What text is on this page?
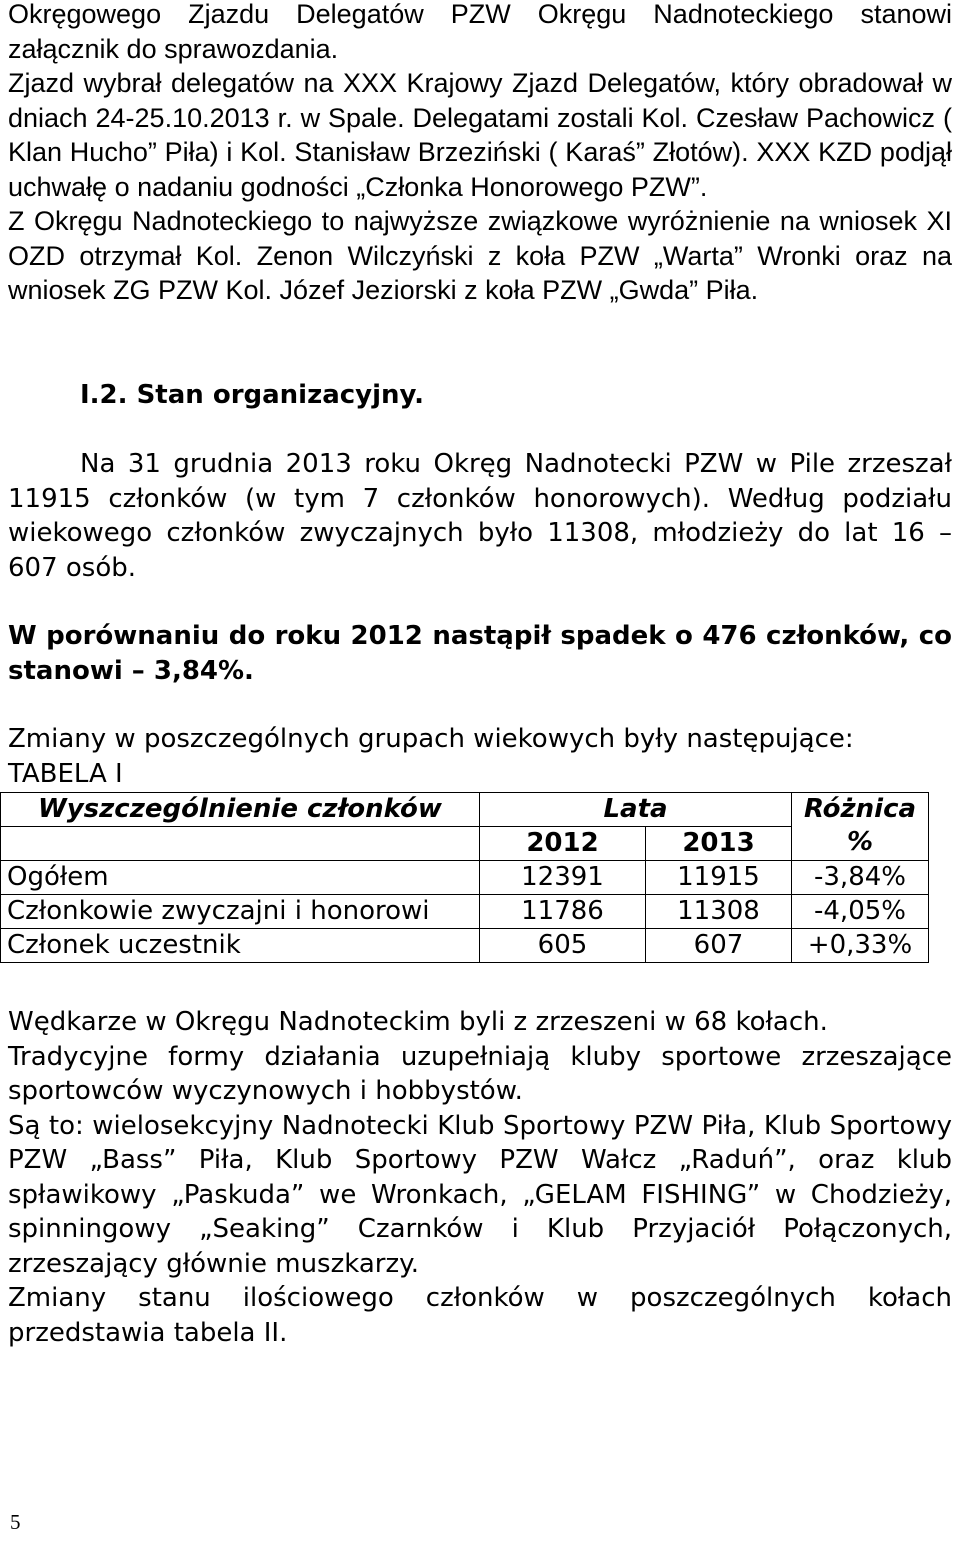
Okręgowego Zjazdu Delegatów PZW Okręgu Nadnoteckiego stanowi załącznik do sprawozdania.

Zjazd wybrał delegatów na XXX Krajowy Zjazd Delegatów, który obradował w dniach 24-25.10.2013 r. w Spale. Delegatami zostali Kol. Czesław Pachowicz ( Klan Hucho” Piła) i Kol. Stanisław Brzeziński ( Karaś” Złotów). XXX KZD podjął uchwałę o nadaniu godności „Członka Honorowego PZW”.

Z Okręgu Nadnoteckiego to najwyższe związkowe wyróżnienie na wniosek XI OZD otrzymał Kol. Zenon Wilczyński z koła PZW „Warta” Wronki oraz na wniosek ZG PZW Kol. Józef Jeziorski z koła PZW „Gwda” Piła.

I.2. Stan organizacyjny.
Na 31 grudnia 2013 roku Okręg Nadnotecki PZW w Pile zrzeszał 11915 członków (w tym 7 członków honorowych). Według podziału wiekowego członków zwyczajnych było 11308, młodzieży do lat 16 – 607 osób.
W porównaniu do roku 2012 nastąpił spadek o 476 członków, co stanowi – 3,84%.

Zmiany w poszczególnych grupach wiekowych były następujące:

TABELA I

Wyszczególnienie członków	Lata		Różnica %
	2012	2013	
Ogółem	12391	11915	-3,84%
Członkowie zwyczajni i honorowi	11786	11308	-4,05%
Członek uczestnik	605	607	+0,33%

Wędkarze w Okręgu Nadnoteckim byli z zrzeszeni w 68 kołach.

Tradycyjne formy działania uzupełniają kluby sportowe zrzeszające sportowców wyczynowych i hobbystów.

Są to: wielosekcyjny Nadnotecki Klub Sportowy PZW Piła, Klub Sportowy PZW „Bass” Piła, Klub Sportowy PZW Wałcz „Raduń”, oraz klub spławikowy „Paskuda” we Wronkach, „GELAM FISHING” w Chodzieży, spinningowy „Seaking” Czarnków i Klub Przyjaciół Połączonych, zrzeszający głównie muszkarzy.

Zmiany stanu ilościowego członków w poszczególnych kołach przedstawia tabela II.

5
